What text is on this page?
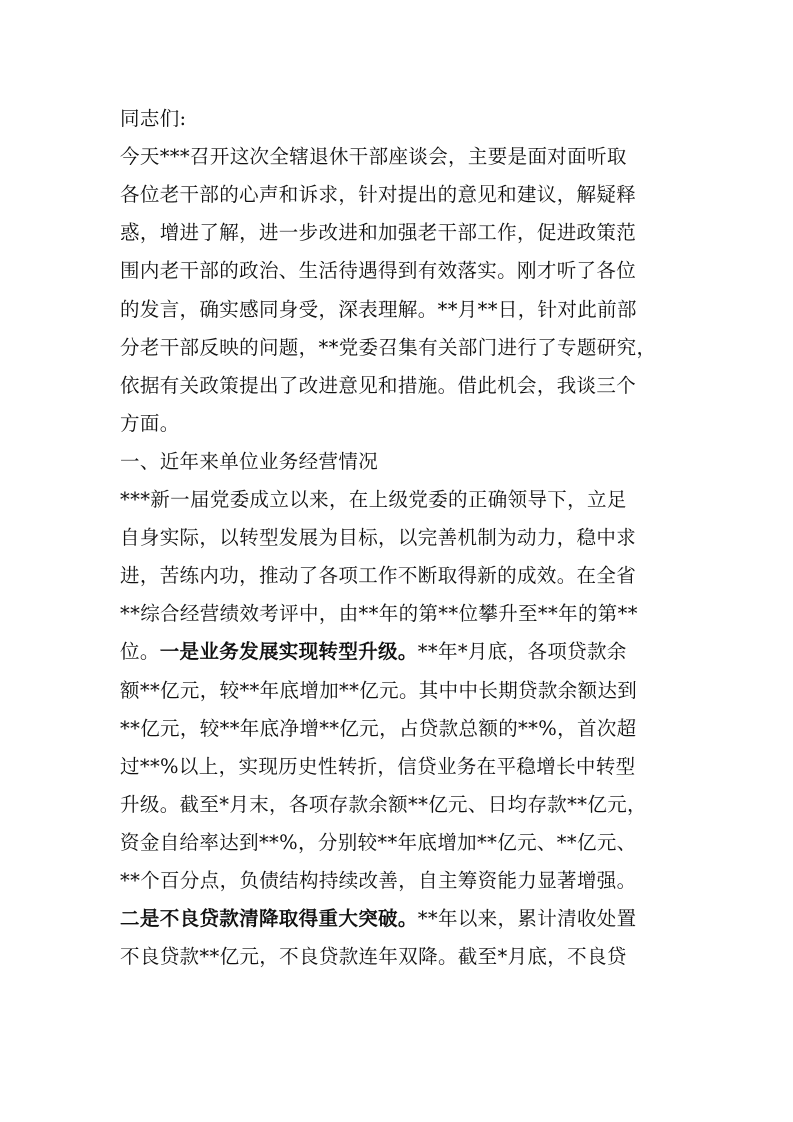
同志们:
今天***召开这次全辖退休干部座谈会，主要是面对面听取
各位老干部的心声和诉求，针对提出的意见和建议，解疑释
惑，增进了解，进一步改进和加强老干部工作，促进政策范
围内老干部的政治、生活待遇得到有效落实。刚才听了各位
的发言，确实感同身受，深表理解。**月**日，针对此前部
分老干部反映的问题，**党委召集有关部门进行了专题研究，
依据有关政策提出了改进意见和措施。借此机会，我谈三个
方面。
一、近年来单位业务经营情况
***新一届党委成立以来，在上级党委的正确领导下，立足
自身实际，以转型发展为目标，以完善机制为动力，稳中求
进，苦练内功，推动了各项工作不断取得新的成效。在全省
**综合经营绩效考评中，由**年的第**位攀升至**年的第**
位。一是业务发展实现转型升级。**年*月底，各项贷款余
额**亿元，较**年底增加**亿元。其中中长期贷款余额达到
**亿元，较**年底净增**亿元，占贷款总额的**%，首次超
过**%以上，实现历史性转折，信贷业务在平稳增长中转型
升级。截至*月末，各项存款余额**亿元、日均存款**亿元，
资金自给率达到**%，分别较**年底增加**亿元、**亿元、
**个百分点，负债结构持续改善，自主筹资能力显著增强。
二是不良贷款清降取得重大突破。**年以来，累计清收处置
不良贷款**亿元，不良贷款连年双降。截至*月底，不良贷
